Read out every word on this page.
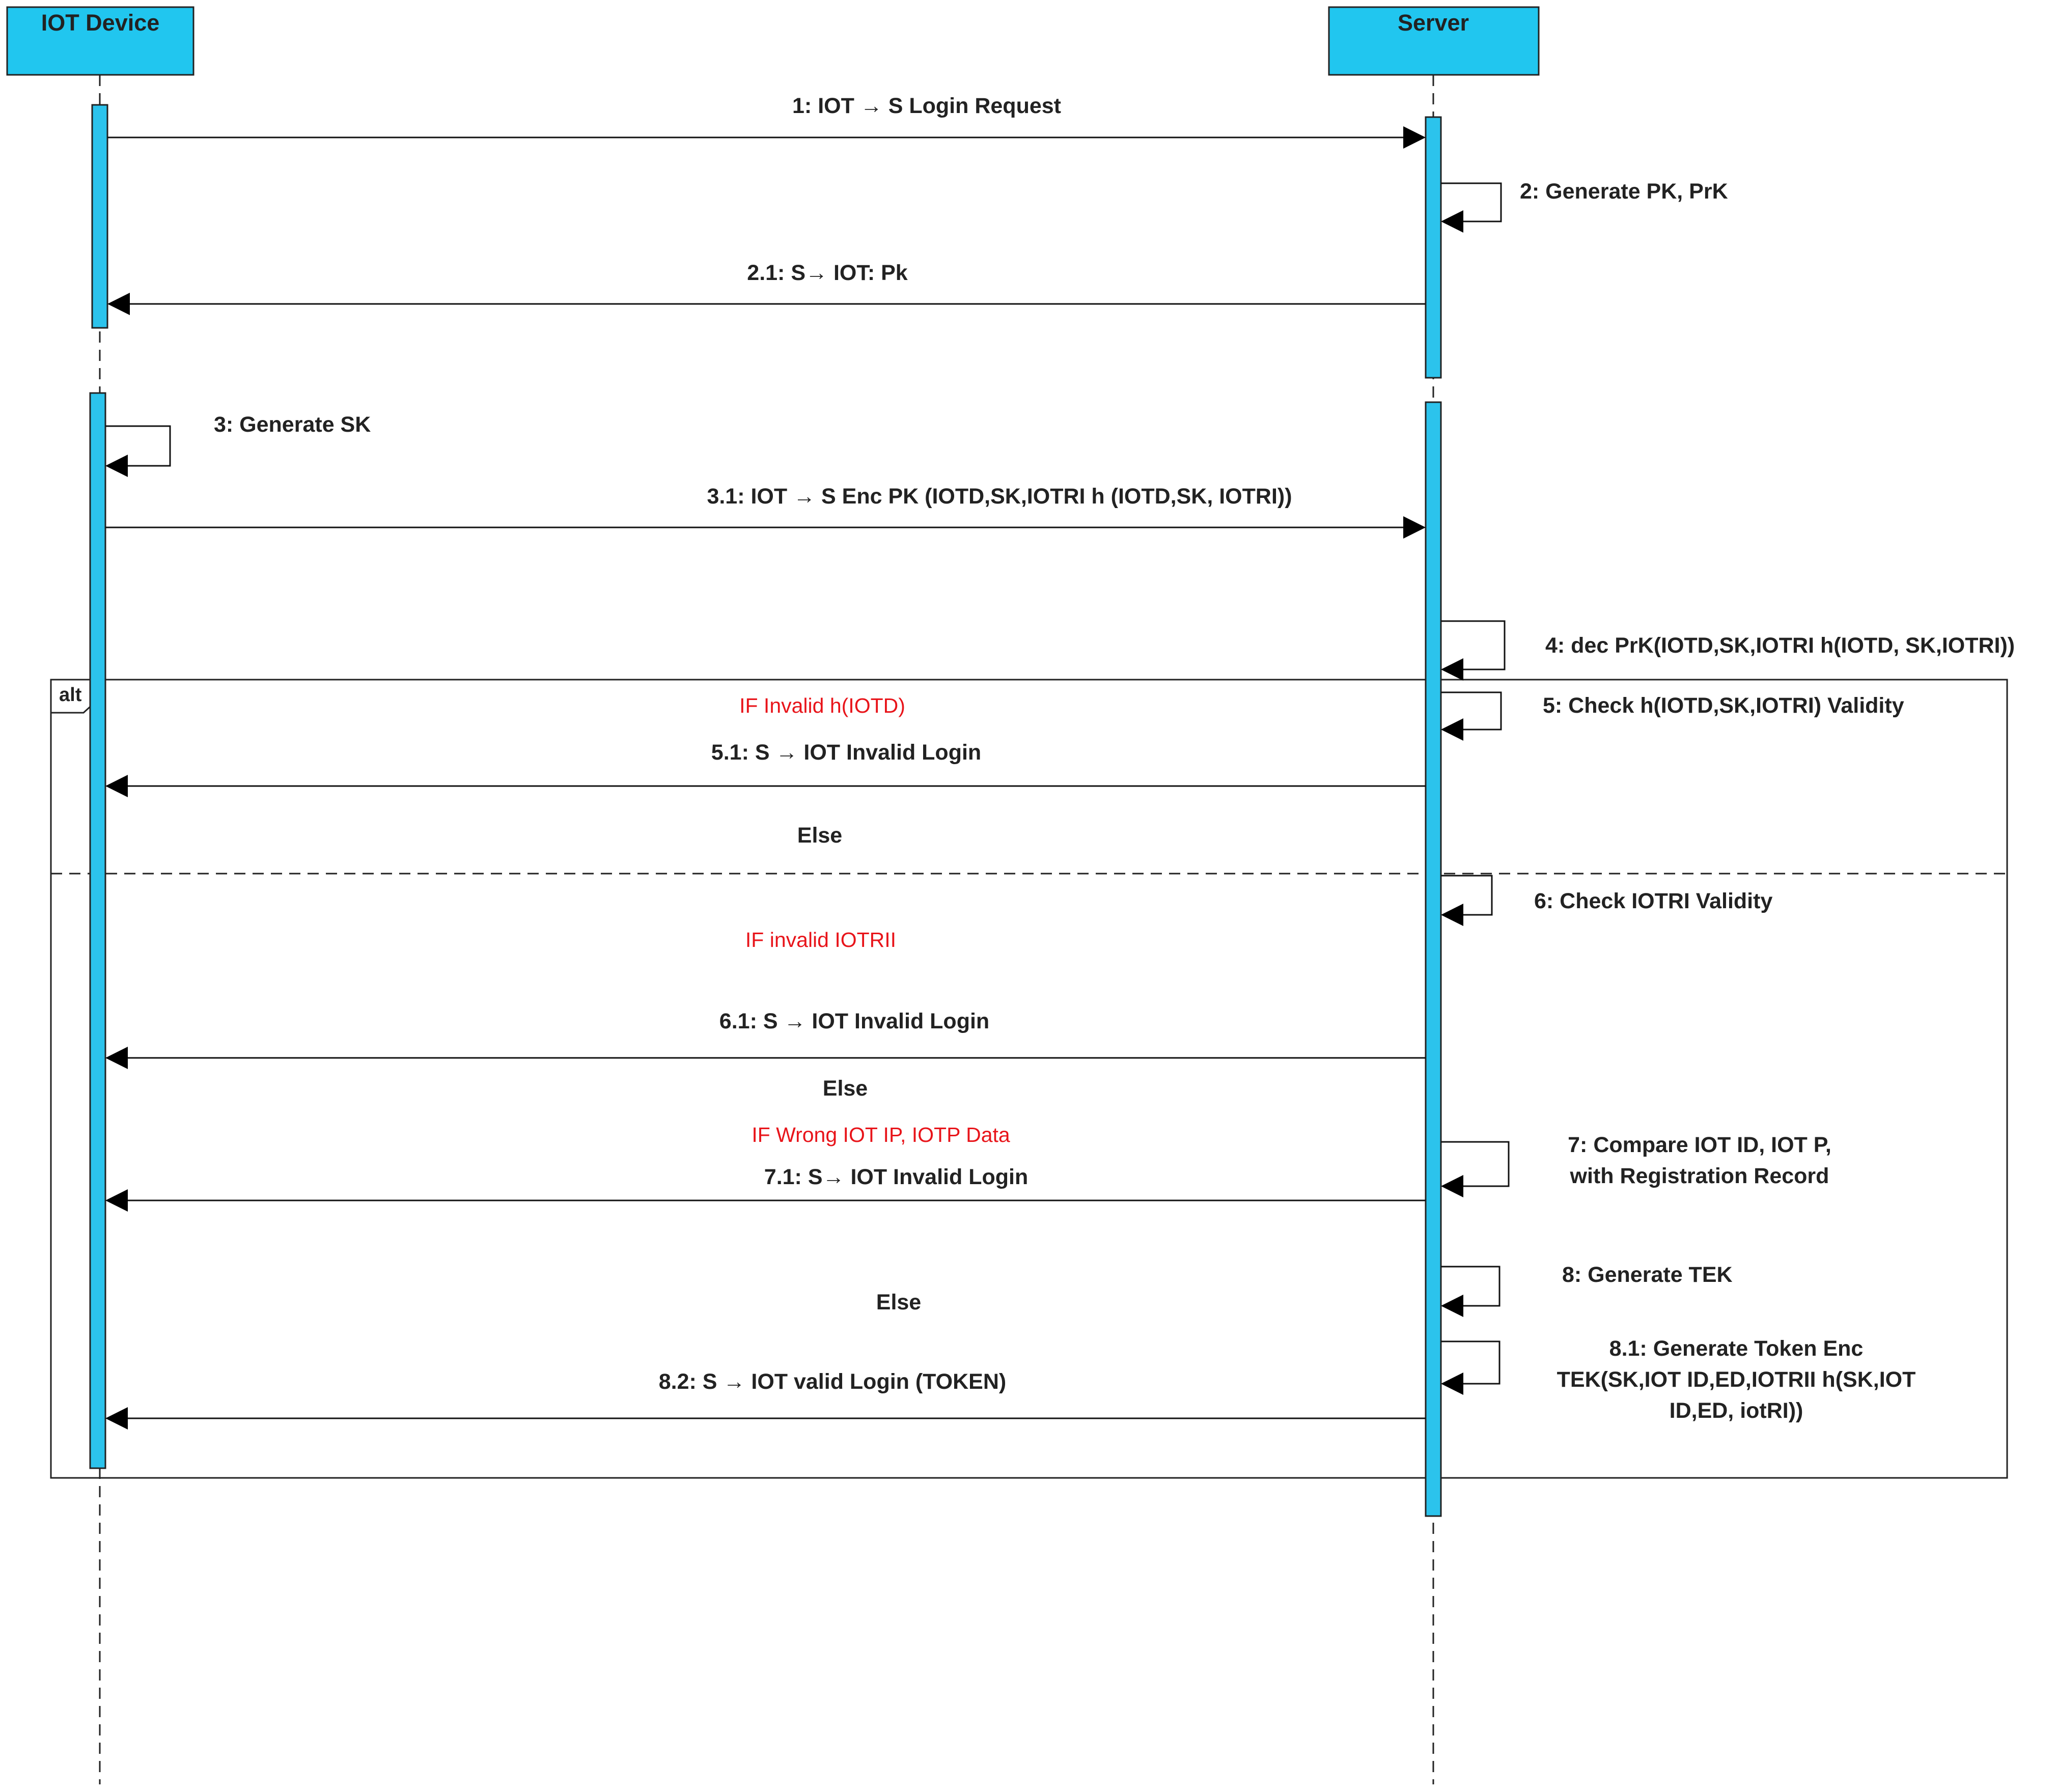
IOT Device	Server
alt
1: IOT → S Login Request
2: Generate PK, PrK
2.1: S→ IOT: Pk
3: Generate SK
3.1: IOT → S Enc PK (IOTD,SK,IOTRI h (IOTD,SK, IOTRI))
4: dec PrK(IOTD,SK,IOTRI h(IOTD, SK,IOTRI))
5: Check h(IOTD,SK,IOTRI) Validity
IF Invalid h(IOTD)
5.1: S → IOT Invalid Login
Else
6: Check IOTRI Validity
IF invalid IOTRII
6.1: S → IOT Invalid Login
Else
IF Wrong IOT IP, IOTP Data	7: Compare IOT ID, IOT P,
with Registration Record
7.1: S→ IOT Invalid Login
8: Generate TEK
Else
8.1: Generate Token Enc
TEK(SK,IOT ID,ED,IOTRII h(SK,IOT
ID,ED, iotRI))
8.2: S → IOT valid Login (TOKEN)
